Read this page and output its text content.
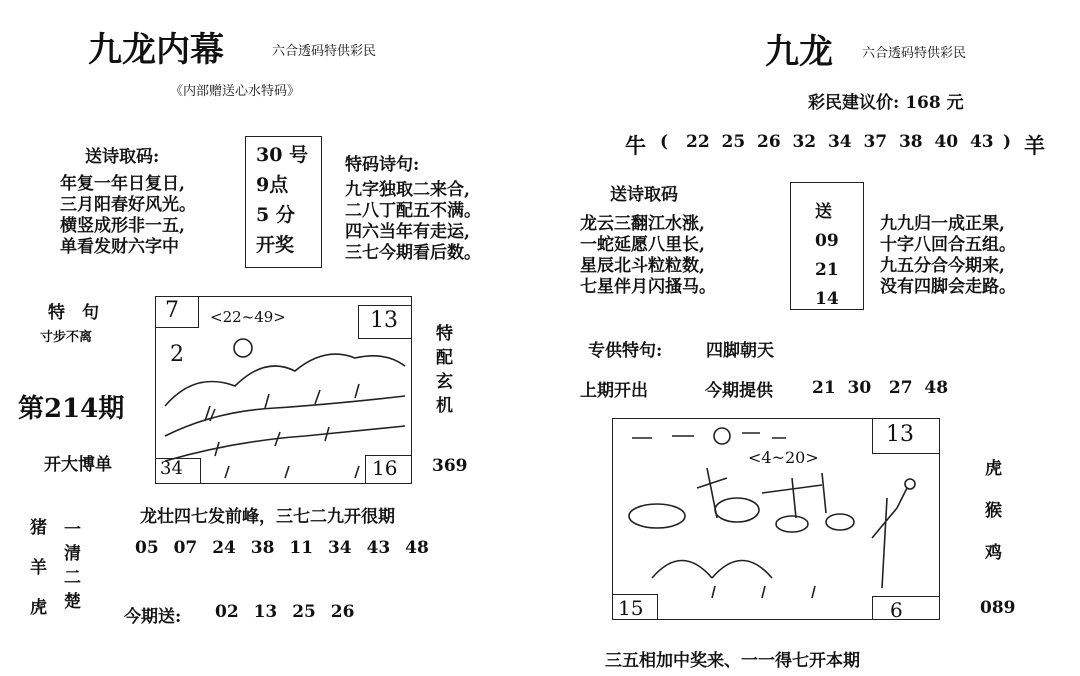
九龙内幕	六合透码特供彩民
《内部赠送心水特码》
送诗取码:
年复一年日复日,
三月阳春好风光。
横竖成形非一五,
单看发财六字中
30 号
9点
5 分
开奖
特码诗句:
九字独取二来合,
二八丁配五不满。
四六当年有走运,
三七今期看后数。
特　句
寸步不离
第214期
开大博单
7 <22~49>
2
13
34	16
特
配
玄
机
369
龙壮四七发前峰，三七二九开很期
05 07 24 38 11 34 43 48
猪
羊
虎
一
清
二
楚
今期送: 02 13 25 26
九龙 六合透码特供彩民
彩民建议价: 168 元
牛 ( 22  25  26  32  34  37  38  40  43 ) 羊
送诗取码
龙云三翻江水涨,
一蛇延愿八里长,
星辰北斗粒粒数,
七星伴月闪搔马。
送
09
21
14
九九归一成正果,
十字八回合五组。
九五分合今期来,
没有四脚会走路。
专供特句:	四脚朝天
上期开出	今期提供 21  30   27  48
<4~20>
13
15	6
虎
猴
鸡
089
三五相加中奖来、一一得七开本期
